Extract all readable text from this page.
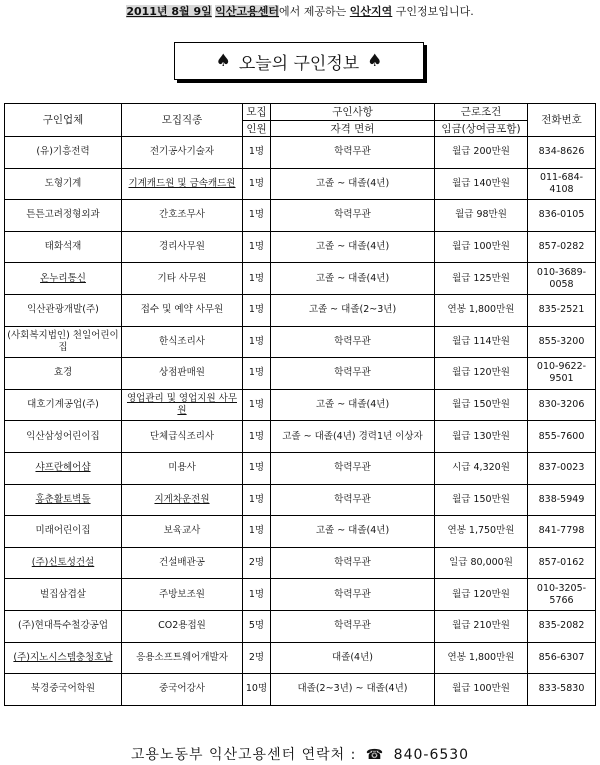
2011년 8월 9일 익산고용센터에서 제공하는 익산지역 구인정보입니다.
♠ 오늘의 구인정보 ♠
구인업체	모집직종	모집	구인사항	근로조건	전화번호
		인원	자격 면허	임금(상여금포함)	
(유)기흥전력	전기공사기술자	1명	학력무관	월급 200만원	834-8626
도형기계	기계캐드원 및 금속캐드원	1명	고졸 ~ 대졸(4년)	월급 140만원	011-684-4108
튼튼고려정형외과	간호조무사	1명	학력무관	월급 98만원	836-0105
태화석재	경리사무원	1명	고졸 ~ 대졸(4년)	월급 100만원	857-0282
온누리통신	기타 사무원	1명	고졸 ~ 대졸(4년)	월급 125만원	010-3689-0058
익산관광개발(주)	접수 및 예약 사무원	1명	고졸 ~ 대졸(2~3년)	연봉 1,800만원	835-2521
(사회복지법인) 천일어린이집	한식조리사	1명	학력무관	월급 114만원	855-3200
효경	상점판매원	1명	학력무관	월급 120만원	010-9622-9501
대호기계공업(주)	영업관리 및 영업지원 사무원	1명	고졸 ~ 대졸(4년)	월급 150만원	830-3206
익산삼성어린이집	단체급식조리사	1명	고졸 ~ 대졸(4년) 경력1년 이상자	월급 130만원	855-7600
샤프란헤어샵	미용사	1명	학력무관	시급 4,320원	837-0023
홍춘활토벽돌	지게차운전원	1명	학력무관	월급 150만원	838-5949
미래어린이집	보육교사	1명	고졸 ~ 대졸(4년)	연봉 1,750만원	841-7798
(주)신토성건설	건설배관공	2명	학력무관	일급 80,000원	857-0162
벌집삼겹살	주방보조원	1명	학력무관	월급 120만원	010-3205-5766
(주)현대특수철강공업	CO2용접원	5명	학력무관	월급 210만원	835-2082
(주)지노시스템충청호남	응용소프트웨어개발자	2명	대졸(4년)	연봉 1,800만원	856-6307
북경중국어학원	중국어강사	10명	대졸(2~3년) ~ 대졸(4년)	월급 100만원	833-5830
고용노동부 익산고용센터 연락처 : ☎ 840-6530
